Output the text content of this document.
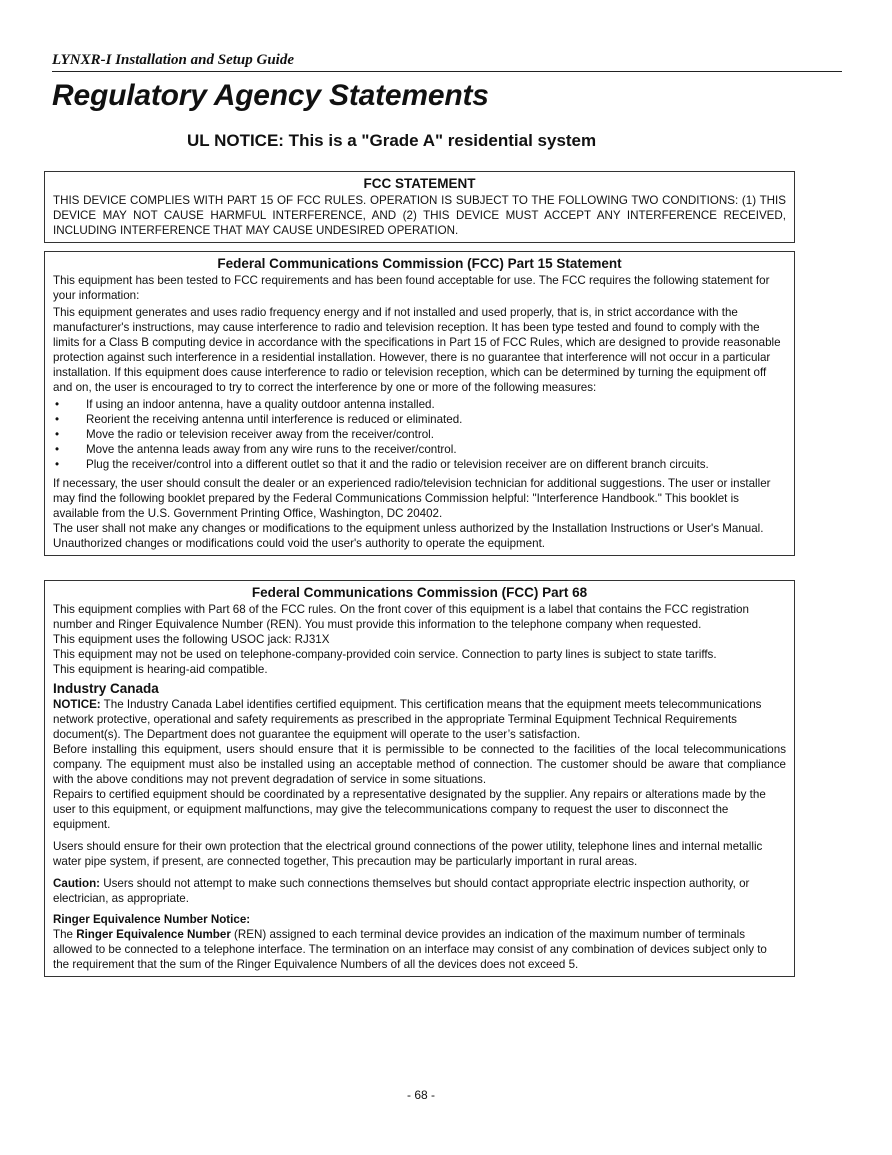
LYNXR-I Installation and Setup Guide
Regulatory Agency Statements
UL NOTICE: This is a "Grade A" residential system
FCC STATEMENT

THIS DEVICE COMPLIES WITH PART 15 OF FCC RULES. OPERATION IS SUBJECT TO THE FOLLOWING TWO CONDITIONS: (1) THIS DEVICE MAY NOT CAUSE HARMFUL INTERFERENCE, AND (2) THIS DEVICE MUST ACCEPT ANY INTERFERENCE RECEIVED, INCLUDING INTERFERENCE THAT MAY CAUSE UNDESIRED OPERATION.

Federal Communications Commission (FCC) Part 15 Statement

This equipment has been tested to FCC requirements and has been found acceptable for use. The FCC requires the following statement for your information:

This equipment generates and uses radio frequency energy and if not installed and used properly, that is, in strict accordance with the manufacturer's instructions, may cause interference to radio and television reception. It has been type tested and found to comply with the limits for a Class B computing device in accordance with the specifications in Part 15 of FCC Rules, which are designed to provide reasonable protection against such interference in a residential installation. However, there is no guarantee that interference will not occur in a particular installation. If this equipment does cause interference to radio or television reception, which can be determined by turning the equipment off and on, the user is encouraged to try to correct the interference by one or more of the following measures:

• If using an indoor antenna, have a quality outdoor antenna installed.
• Reorient the receiving antenna until interference is reduced or eliminated.
• Move the radio or television receiver away from the receiver/control.
• Move the antenna leads away from any wire runs to the receiver/control.
• Plug the receiver/control into a different outlet so that it and the radio or television receiver are on different branch circuits.

If necessary, the user should consult the dealer or an experienced radio/television technician for additional suggestions. The user or installer may find the following booklet prepared by the Federal Communications Commission helpful: "Interference Handbook." This booklet is available from the U.S. Government Printing Office, Washington, DC 20402.

The user shall not make any changes or modifications to the equipment unless authorized by the Installation Instructions or User's Manual. Unauthorized changes or modifications could void the user's authority to operate the equipment.

Federal Communications Commission (FCC) Part 68

This equipment complies with Part 68 of the FCC rules. On the front cover of this equipment is a label that contains the FCC registration number and Ringer Equivalence Number (REN). You must provide this information to the telephone company when requested.

This equipment uses the following USOC jack: RJ31X

This equipment may not be used on telephone-company-provided coin service. Connection to party lines is subject to state tariffs.

This equipment is hearing-aid compatible.

Industry Canada

NOTICE: The Industry Canada Label identifies certified equipment. This certification means that the equipment meets telecommunications network protective, operational and safety requirements as prescribed in the appropriate Terminal Equipment Technical Requirements document(s). The Department does not guarantee the equipment will operate to the user’s satisfaction.

Before installing this equipment, users should ensure that it is permissible to be connected to the facilities of the local telecommunications company. The equipment must also be installed using an acceptable method of connection. The customer should be aware that compliance with the above conditions may not prevent degradation of service in some situations.

Repairs to certified equipment should be coordinated by a representative designated by the supplier. Any repairs or alterations made by the user to this equipment, or equipment malfunctions, may give the telecommunications company to request the user to disconnect the equipment.

Users should ensure for their own protection that the electrical ground connections of the power utility, telephone lines and internal metallic water pipe system, if present, are connected together, This precaution may be particularly important in rural areas.

Caution: Users should not attempt to make such connections themselves but should contact appropriate electric inspection authority, or electrician, as appropriate.

Ringer Equivalence Number Notice:

The Ringer Equivalence Number (REN) assigned to each terminal device provides an indication of the maximum number of terminals allowed to be connected to a telephone interface. The termination on an interface may consist of any combination of devices subject only to the requirement that the sum of the Ringer Equivalence Numbers of all the devices does not exceed 5.

- 68 -
